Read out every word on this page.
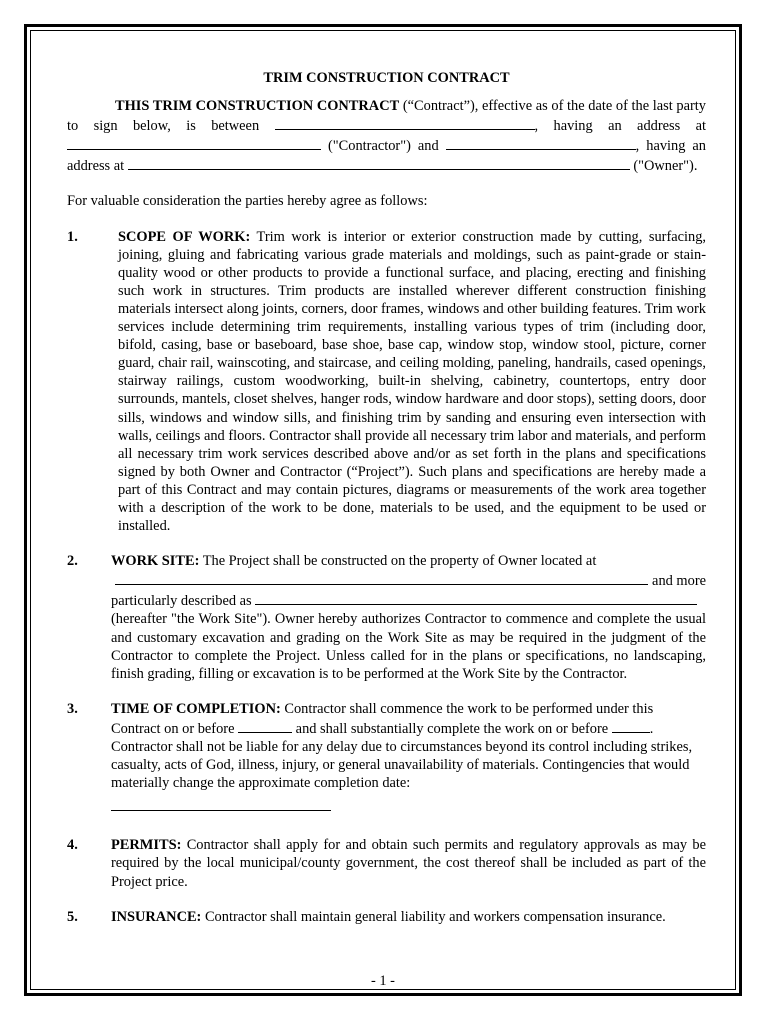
TRIM CONSTRUCTION CONTRACT

THIS TRIM CONSTRUCTION CONTRACT (“Contract”), effective as of the date of the last party to sign below, is between	, having an address at  ("Contractor") and	, having an address at	("Owner").

For valuable consideration the parties hereby agree as follows:

1.	SCOPE OF WORK: Trim work is interior or exterior construction made by cutting, surfacing, joining, gluing and fabricating various grade materials and moldings, such as paint-grade or stain-quality wood or other products to provide a functional surface, and placing, erecting and finishing such work in structures. Trim products are installed wherever different construction finishing materials intersect along joints, corners, door frames, windows and other building features. Trim work services include determining trim requirements, installing various types of trim (including door, bifold, casing, base or baseboard, base shoe, base cap, window stop, window stool, picture, corner guard, chair rail, wainscoting, and staircase, and ceiling molding, paneling, handrails, cased openings, stairway railings, custom woodworking, built-in shelving, cabinetry, countertops, entry door surrounds, mantels, closet shelves, hanger rods, window hardware and door stops), setting doors, door sills, windows and window sills, and finishing trim by sanding and ensuring even intersection with walls, ceilings and floors. Contractor shall provide all necessary trim labor and materials, and perform all necessary trim work services described above and/or as set forth in the plans and specifications signed by both Owner and Contractor (“Project”). Such plans and specifications are hereby made a part of this Contract and may contain pictures, diagrams or measurements of the work area together with a description of the work to be done, materials to be used, and the equipment to be used or installed.
2.	WORK SITE: The Project shall be constructed on the property of Owner located at
and more
particularly described as
(hereafter "the Work Site"). Owner hereby authorizes Contractor to commence and complete the usual and customary excavation and grading on the Work Site as may be required in the judgment of the Contractor to complete the Project. Unless called for in the plans or specifications, no landscaping, finish grading, filling or excavation is to be performed at the Work Site by the Contractor.
3.	TIME OF COMPLETION: Contractor shall commence the work to be performed under this Contract on or before	and shall substantially complete the work on or before	. Contractor shall not be liable for any delay due to circumstances beyond its control including strikes, casualty, acts of God, illness, injury, or general unavailability of materials. Contingencies that would materially change the approximate completion date:
4.	PERMITS: Contractor shall apply for and obtain such permits and regulatory approvals as may be required by the local municipal/county government, the cost thereof shall be included as part of the Project price.
5.	INSURANCE: Contractor shall maintain general liability and workers compensation insurance.
- 1 -
